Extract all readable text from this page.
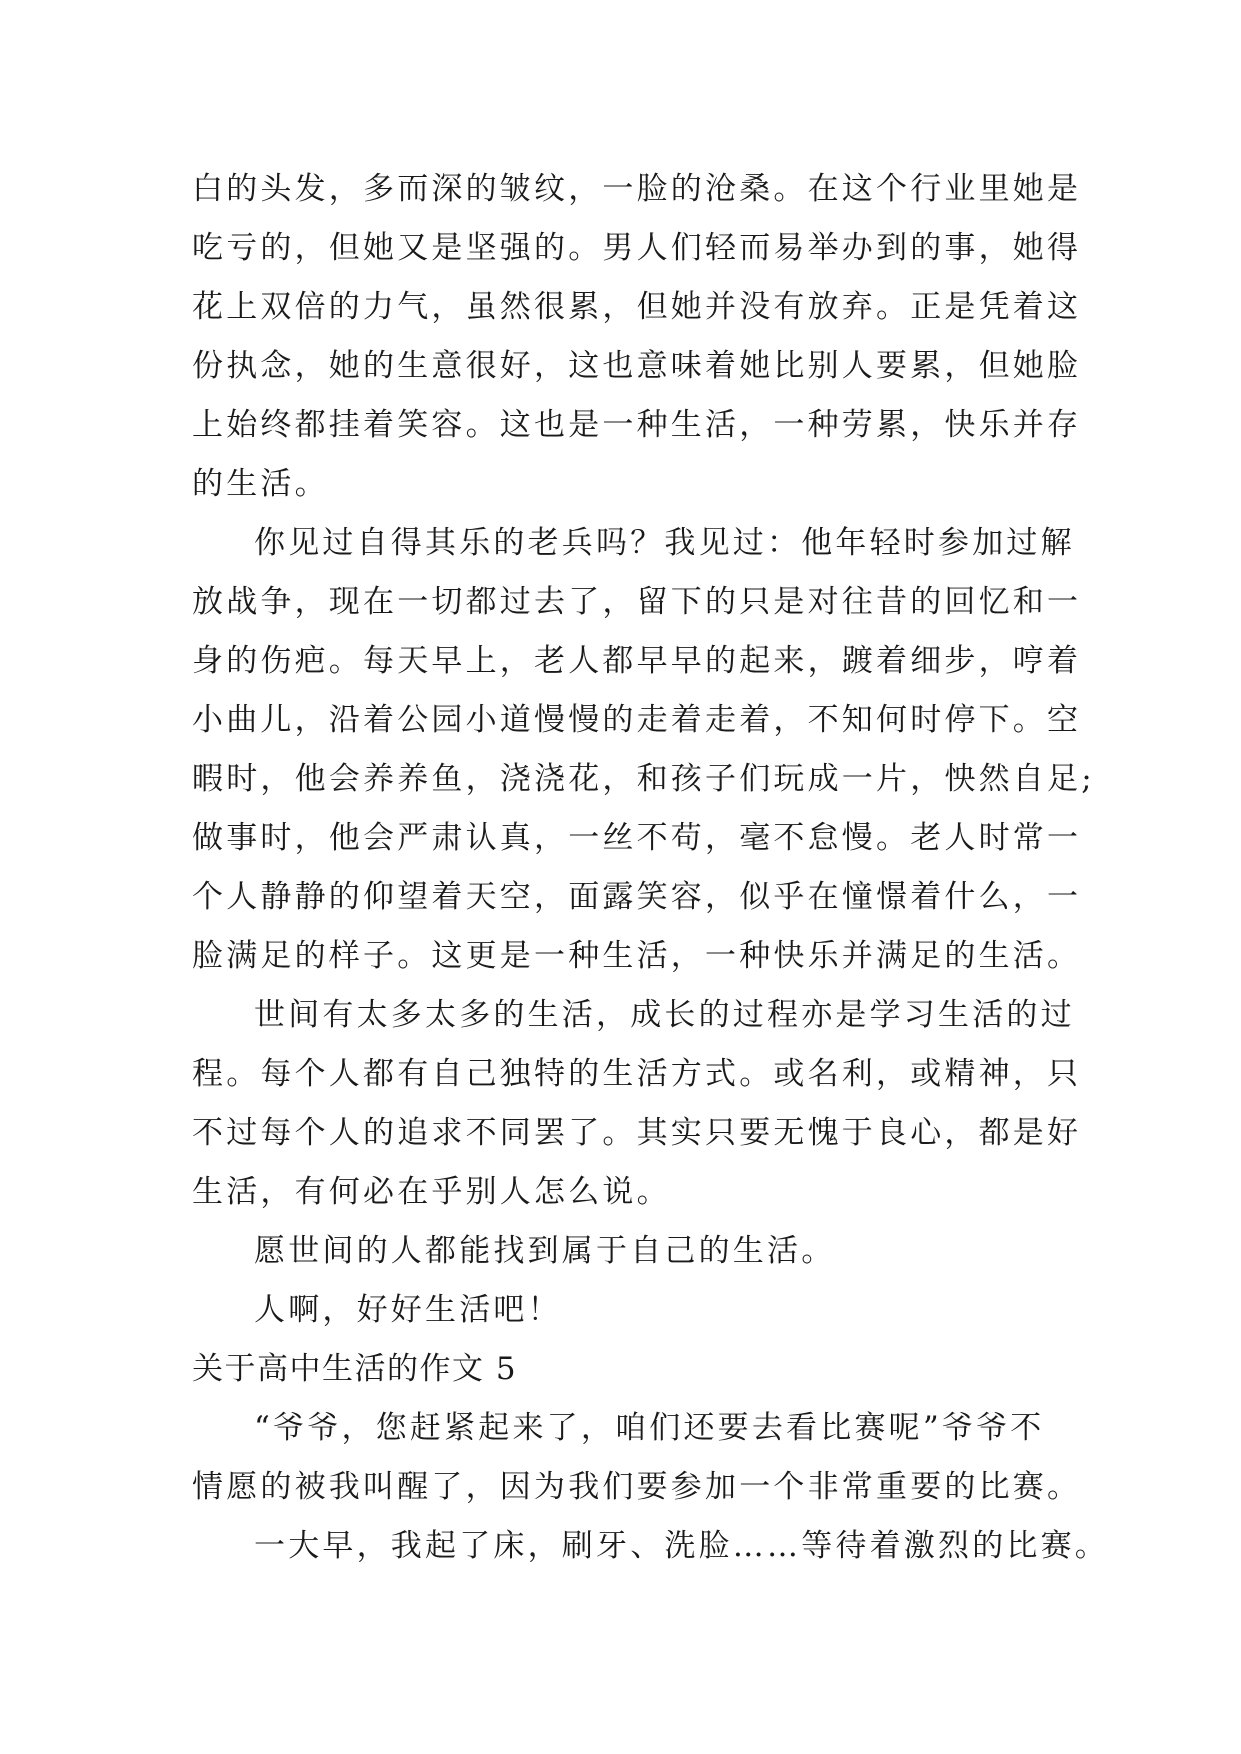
白的头发，多而深的皱纹，一脸的沧桑。在这个行业里她是
吃亏的，但她又是坚强的。男人们轻而易举办到的事，她得
花上双倍的力气，虽然很累，但她并没有放弃。正是凭着这
份执念，她的生意很好，这也意味着她比别人要累，但她脸
上始终都挂着笑容。这也是一种生活，一种劳累，快乐并存
的生活。
你见过自得其乐的老兵吗？我见过：他年轻时参加过解
放战争，现在一切都过去了，留下的只是对往昔的回忆和一
身的伤疤。每天早上，老人都早早的起来，踱着细步，哼着
小曲儿，沿着公园小道慢慢的走着走着，不知何时停下。空
暇时，他会养养鱼，浇浇花，和孩子们玩成一片，怏然自足;
做事时，他会严肃认真，一丝不苟，毫不怠慢。老人时常一
个人静静的仰望着天空，面露笑容，似乎在憧憬着什么，一
脸满足的样子。这更是一种生活，一种快乐并满足的生活。
世间有太多太多的生活，成长的过程亦是学习生活的过
程。每个人都有自己独特的生活方式。或名利，或精神，只
不过每个人的追求不同罢了。其实只要无愧于良心，都是好
生活，有何必在乎别人怎么说。
愿世间的人都能找到属于自己的生活。
人啊，好好生活吧！
关于高中生活的作文 5
“爷爷，您赶紧起来了，咱们还要去看比赛呢”爷爷不
情愿的被我叫醒了，因为我们要参加一个非常重要的比赛。
一大早，我起了床，刷牙、洗脸……等待着激烈的比赛。
